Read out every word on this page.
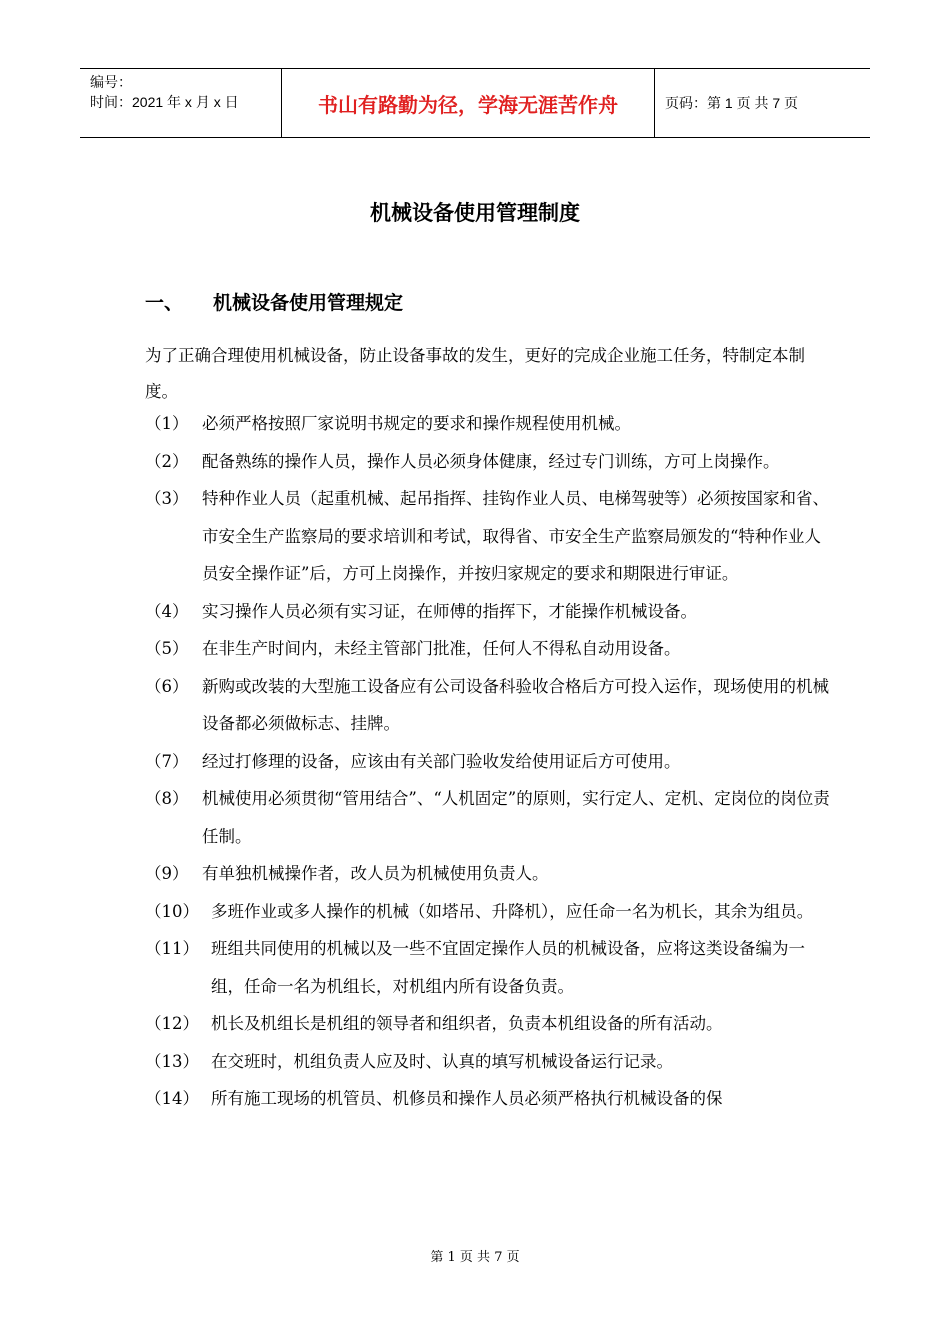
编号：
时间：2021 年 x 月 x 日	书山有路勤为径，学海无涯苦作舟	页码：第 1 页 共 7 页
机械设备使用管理制度
一、 机械设备使用管理规定
为了正确合理使用机械设备，防止设备事故的发生，更好的完成企业施工任务，特制定本制度。
（1） 必须严格按照厂家说明书规定的要求和操作规程使用机械。
（2） 配备熟练的操作人员，操作人员必须身体健康，经过专门训练，方可上岗操作。
（3） 特种作业人员（起重机械、起吊指挥、挂钩作业人员、电梯驾驶等）必须按国家和省、市安全生产监察局的要求培训和考试，取得省、市安全生产监察局颁发的“特种作业人员安全操作证”后，方可上岗操作，并按归家规定的要求和期限进行审证。
（4） 实习操作人员必须有实习证，在师傅的指挥下，才能操作机械设备。
（5） 在非生产时间内，未经主管部门批准，任何人不得私自动用设备。
（6） 新购或改装的大型施工设备应有公司设备科验收合格后方可投入运作，现场使用的机械设备都必须做标志、挂牌。
（7） 经过打修理的设备，应该由有关部门验收发给使用证后方可使用。
（8） 机械使用必须贯彻“管用结合”、“人机固定”的原则，实行定人、定机、定岗位的岗位责任制。
（9） 有单独机械操作者，改人员为机械使用负责人。
（10） 多班作业或多人操作的机械（如塔吊、升降机），应任命一名为机长，其余为组员。
（11） 班组共同使用的机械以及一些不宜固定操作人员的机械设备，应将这类设备编为一组，任命一名为机组长，对机组内所有设备负责。
（12） 机长及机组长是机组的领导者和组织者，负责本机组设备的所有活动。
（13） 在交班时，机组负责人应及时、认真的填写机械设备运行记录。
（14） 所有施工现场的机管员、机修员和操作人员必须严格执行机械设备的保
第 1 页 共 7 页
